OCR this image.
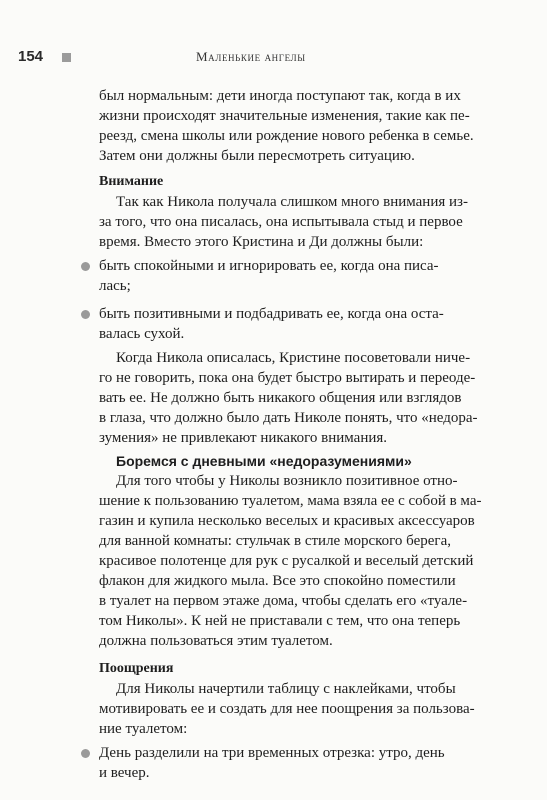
154	Маленькие ангелы

был нормальным: дети иногда поступают так, когда в их
жизни происходят значительные изменения, такие как пе-
реезд, смена школы или рождение нового ребенка в семье.
Затем они должны были пересмотреть ситуацию.

Внимание

Так как Никола получала слишком много внимания из-
за того, что она писалась, она испытывала стыд и первое
время. Вместо этого Кристина и Ди должны были:

быть спокойными и игнорировать ее, когда она писа-
лась;
быть позитивными и подбадривать ее, когда она оста-
валась сухой.

Когда Никола описалась, Кристине посоветовали ниче-
го не говорить, пока она будет быстро вытирать и переоде-
вать ее. Не должно быть никакого общения или взглядов
в глаза, что должно было дать Николе понять, что «недора-
зумения» не привлекают никакого внимания.

Боремся с дневными «недоразумениями»

Для того чтобы у Николы возникло позитивное отно-
шение к пользованию туалетом, мама взяла ее с собой в ма-
газин и купила несколько веселых и красивых аксессуаров
для ванной комнаты: стульчак в стиле морского берега,
красивое полотенце для рук с русалкой и веселый детский
флакон для жидкого мыла. Все это спокойно поместили
в туалет на первом этаже дома, чтобы сделать его «туале-
том Николы». К ней не приставали с тем, что она теперь
должна пользоваться этим туалетом.

Поощрения

Для Николы начертили таблицу с наклейками, чтобы
мотивировать ее и создать для нее поощрения за пользова-
ние туалетом:

День разделили на три временных отрезка: утро, день
и вечер.
